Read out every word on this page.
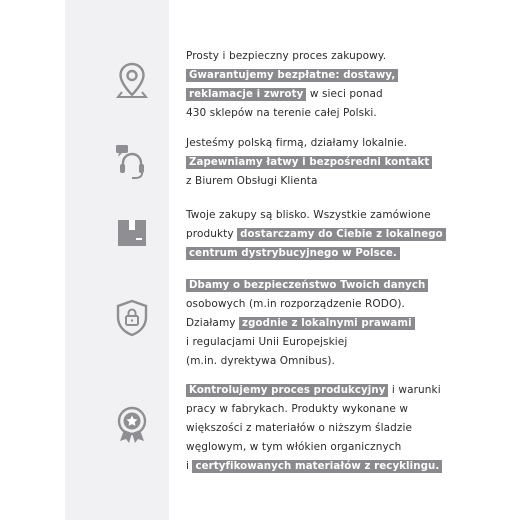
Prosty i bezpieczny proces zakupowy.
Gwarantujemy bezpłatne: dostawy,
reklamacje i zwroty w sieci ponad
430 sklepów na terenie całej Polski.
Jesteśmy polską firmą, działamy lokalnie.
Zapewniamy łatwy i bezpośredni kontakt
z Biurem Obsługi Klienta
Twoje zakupy są blisko. Wszystkie zamówione
produkty dostarczamy do Ciebie z lokalnego
centrum dystrybucyjnego w Polsce.
Dbamy o bezpieczeństwo Twoich danych
osobowych (m.in rozporządzenie RODO).
Działamy zgodnie z lokalnymi prawami
i regulacjami Unii Europejskiej
(m.in. dyrektywa Omnibus).
Kontrolujemy proces produkcyjny i warunki
pracy w fabrykach. Produkty wykonane w
większości z materiałów o niższym śladzie
węglowym, w tym włókien organicznych
i certyfikowanych materiałów z recyklingu.
